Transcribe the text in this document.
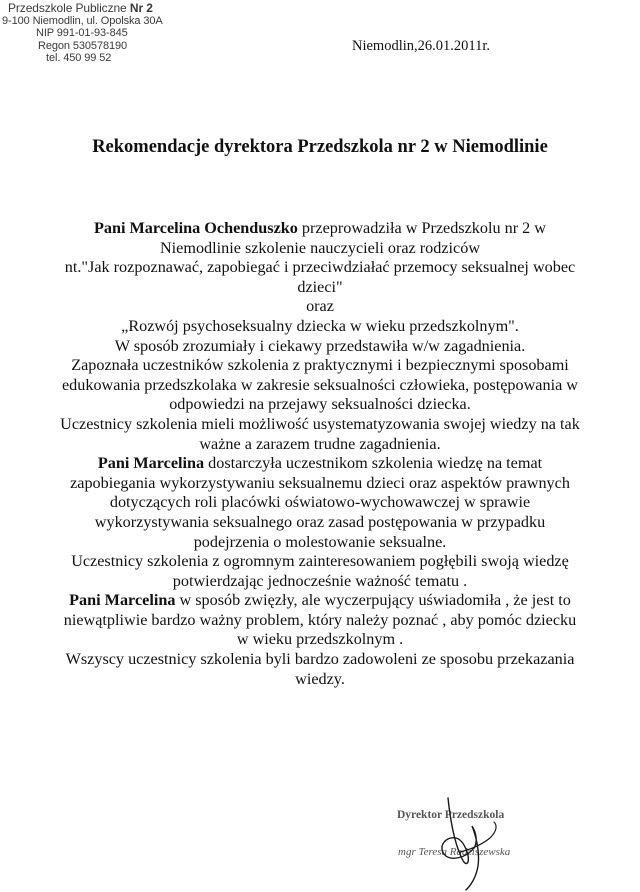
Przedszkole Publiczne Nr 2
9-100 Niemodlin, ul. Opolska 30A
NIP 991-01-93-845
Regon 530578190
tel. 450 99 52
Niemodlin,26.01.2011r.
Rekomendacje dyrektora Przedszkola nr 2 w Niemodlinie
Pani Marcelina Ochenduszko przeprowadziła w Przedszkolu nr 2 w
Niemodlinie szkolenie nauczycieli oraz rodziców
nt."Jak rozpoznawać, zapobiegać i przeciwdziałać przemocy seksualnej wobec
dzieci"
oraz
„Rozwój psychoseksualny dziecka w wieku przedszkolnym".
W sposób zrozumiały i ciekawy przedstawiła w/w zagadnienia.
Zapoznała uczestników szkolenia z praktycznymi i bezpiecznymi sposobami
edukowania przedszkolaka w zakresie seksualności człowieka, postępowania w
odpowiedzi na przejawy seksualności dziecka.
Uczestnicy szkolenia mieli możliwość usystematyzowania swojej wiedzy na tak
ważne a zarazem trudne zagadnienia.
Pani Marcelina dostarczyła uczestnikom szkolenia wiedzę na temat
zapobiegania wykorzystywaniu seksualnemu dzieci oraz aspektów prawnych
dotyczących roli placówki oświatowo-wychowawczej w sprawie
wykorzystywania seksualnego oraz zasad postępowania w przypadku
podejrzenia o molestowanie seksualne.
Uczestnicy szkolenia z ogromnym zainteresowaniem pogłębili swoją wiedzę
potwierdzając jednocześnie ważność tematu .
Pani Marcelina w sposób zwięzły, ale wyczerpujący uświadomiła , że jest to
niewątpliwie bardzo ważny problem, który należy poznać , aby pomóc dziecku
w wieku przedszkolnym .
Wszyscy uczestnicy szkolenia byli bardzo zadowoleni ze sposobu przekazania
wiedzy.
Dyrektor Przedszkola
mgr Teresa Radziszewska
